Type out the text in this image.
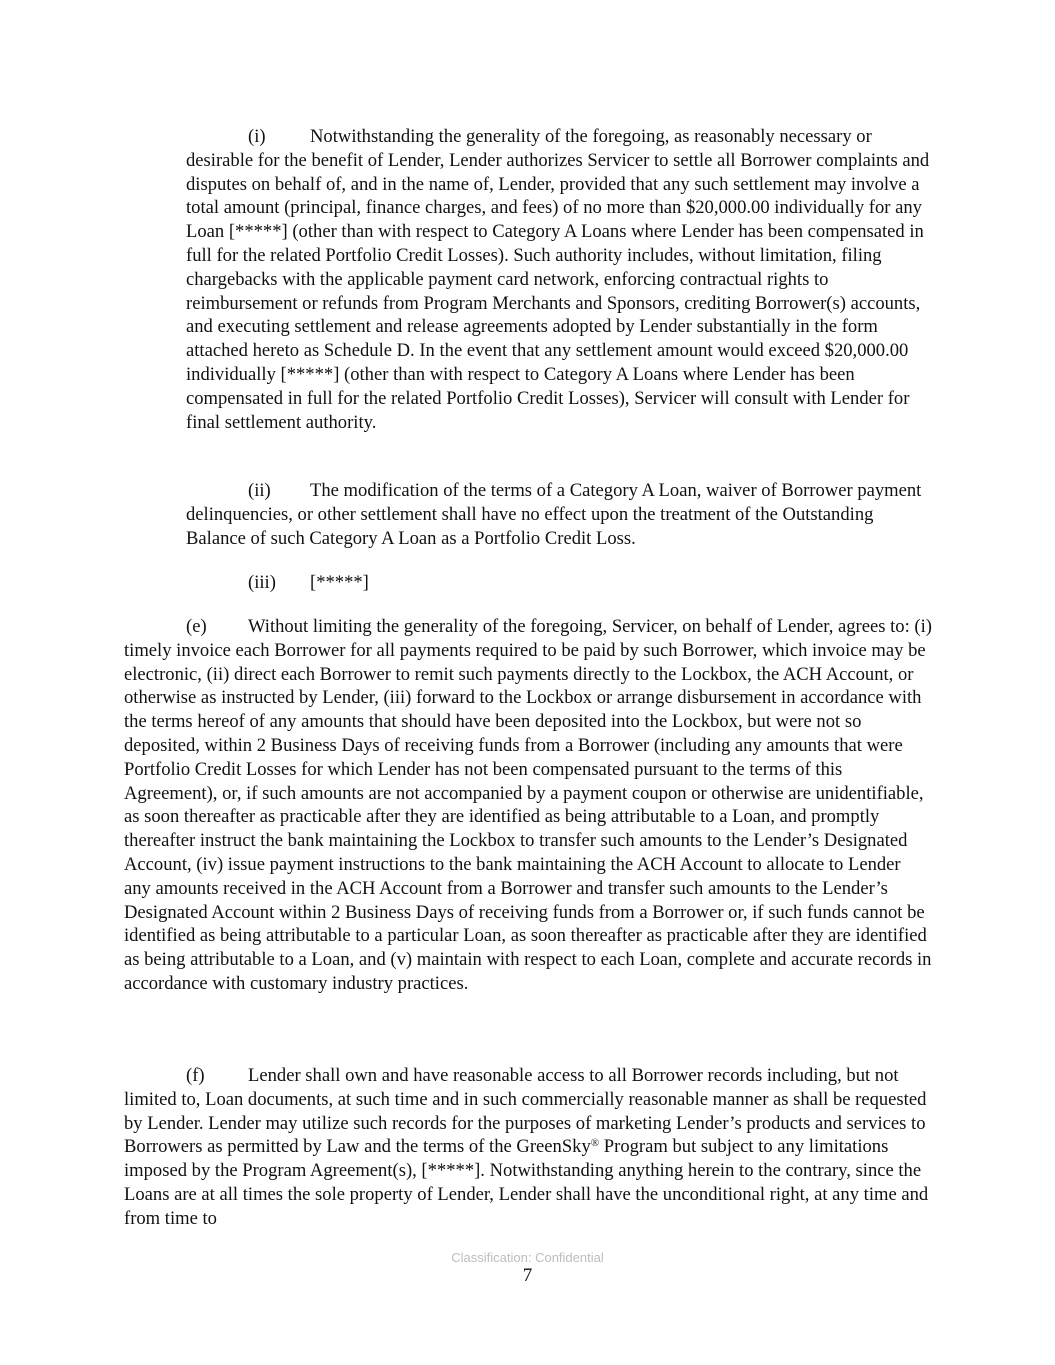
(i) Notwithstanding the generality of the foregoing, as reasonably necessary or desirable for the benefit of Lender, Lender authorizes Servicer to settle all Borrower complaints and disputes on behalf of, and in the name of, Lender, provided that any such settlement may involve a total amount (principal, finance charges, and fees) of no more than $20,000.00 individually for any Loan [*****] (other than with respect to Category A Loans where Lender has been compensated in full for the related Portfolio Credit Losses). Such authority includes, without limitation, filing chargebacks with the applicable payment card network, enforcing contractual rights to reimbursement or refunds from Program Merchants and Sponsors, crediting Borrower(s) accounts, and executing settlement and release agreements adopted by Lender substantially in the form attached hereto as Schedule D. In the event that any settlement amount would exceed $20,000.00 individually [*****] (other than with respect to Category A Loans where Lender has been compensated in full for the related Portfolio Credit Losses), Servicer will consult with Lender for final settlement authority.

(ii) The modification of the terms of a Category A Loan, waiver of Borrower payment delinquencies, or other settlement shall have no effect upon the treatment of the Outstanding Balance of such Category A Loan as a Portfolio Credit Loss.

(iii) [*****]

(e) Without limiting the generality of the foregoing, Servicer, on behalf of Lender, agrees to: (i) timely invoice each Borrower for all payments required to be paid by such Borrower, which invoice may be electronic, (ii) direct each Borrower to remit such payments directly to the Lockbox, the ACH Account, or otherwise as instructed by Lender, (iii) forward to the Lockbox or arrange disbursement in accordance with the terms hereof of any amounts that should have been deposited into the Lockbox, but were not so deposited, within 2 Business Days of receiving funds from a Borrower (including any amounts that were Portfolio Credit Losses for which Lender has not been compensated pursuant to the terms of this Agreement), or, if such amounts are not accompanied by a payment coupon or otherwise are unidentifiable, as soon thereafter as practicable after they are identified as being attributable to a Loan, and promptly thereafter instruct the bank maintaining the Lockbox to transfer such amounts to the Lender’s Designated Account, (iv) issue payment instructions to the bank maintaining the ACH Account to allocate to Lender any amounts received in the ACH Account from a Borrower and transfer such amounts to the Lender’s Designated Account within 2 Business Days of receiving funds from a Borrower or, if such funds cannot be identified as being attributable to a particular Loan, as soon thereafter as practicable after they are identified as being attributable to a Loan, and (v) maintain with respect to each Loan, complete and accurate records in accordance with customary industry practices.

(f) Lender shall own and have reasonable access to all Borrower records including, but not limited to, Loan documents, at such time and in such commercially reasonable manner as shall be requested by Lender. Lender may utilize such records for the purposes of marketing Lender’s products and services to Borrowers as permitted by Law and the terms of the GreenSky® Program but subject to any limitations imposed by the Program Agreement(s), [*****]. Notwithstanding anything herein to the contrary, since the Loans are at all times the sole property of Lender, Lender shall have the unconditional right, at any time and from time to

Classification: Confidential
7
